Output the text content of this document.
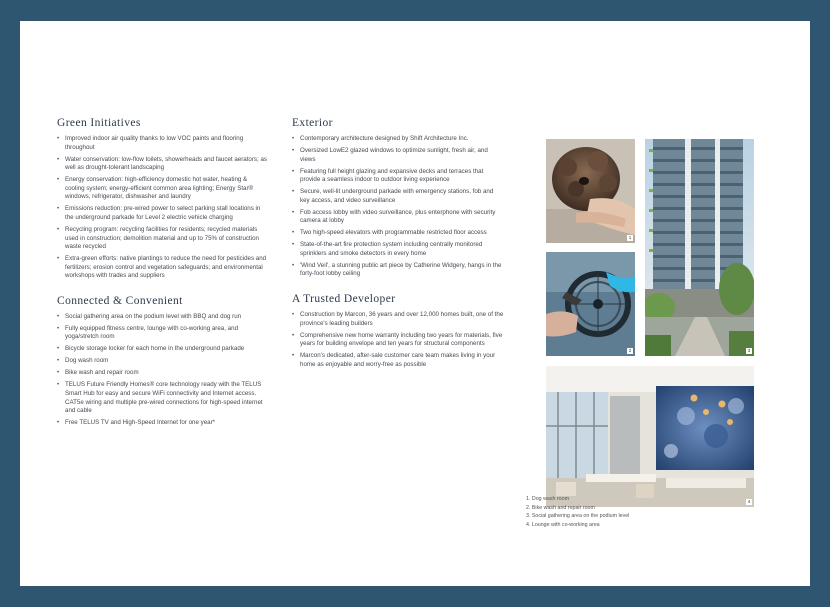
Green Initiatives
• Improved indoor air quality thanks to low VOC paints and flooring throughout
• Water conservation: low-flow toilets, showerheads and faucet aerators; as well as drought-tolerant landscaping
• Energy conservation: high-efficiency domestic hot water, heating & cooling system; energy-efficient common area lighting; Energy Star® windows, refrigerator, dishwasher and laundry
• Emissions reduction: pre-wired power to select parking stall locations in the underground parkade for Level 2 electric vehicle charging
• Recycling program: recycling facilities for residents; recycled materials used in construction; demolition material and up to 75% of construction waste recycled
• Extra-green efforts: native plantings to reduce the need for pesticides and fertilizers; erosion control and vegetation safeguards; and environmental workshops with trades and suppliers
Connected & Convenient
• Social gathering area on the podium level with BBQ and dog run
• Fully equipped fitness centre, lounge with co-working area, and yoga/stretch room
• Bicycle storage locker for each home in the underground parkade
• Dog wash room
• Bike wash and repair room
• TELUS Future Friendly Homes® core technology ready with the TELUS Smart Hub for easy and secure WiFi connectivity and Internet access. CAT5e wiring and multiple pre-wired connections for high-speed internet and cable
• Free TELUS TV and High-Speed Internet for one year*
Exterior
• Contemporary architecture designed by Shift Architecture Inc.
• Oversized LowE2 glazed windows to optimize sunlight, fresh air, and views
• Featuring full height glazing and expansive decks and terraces that provide a seamless indoor to outdoor living experience
• Secure, well-lit underground parkade with emergency stations, fob and key access, and video surveillance
• Fob access lobby with video surveillance, plus enterphone with security camera at lobby
• Two high-speed elevators with programmable restricted floor access
• State-of-the-art fire protection system including centrally monitored sprinklers and smoke detectors in every home
• 'Wind Veil', a stunning public art piece by Catherine Widgery, hangs in the forty-foot lobby ceiling
A Trusted Developer
• Construction by Marcon, 36 years and over 12,000 homes built, one of the province's leading builders
• Comprehensive new home warranty including two years for materials, five years for building envelope and ten years for structural components
• Marcon's dedicated, after-sale customer care team makes living in your home as enjoyable and worry-free as possible
1
2	3
4
1. Dog wash room
2. Bike wash and repair room
3. Social gathering area on the podium level
4. Lounge with co-working area
